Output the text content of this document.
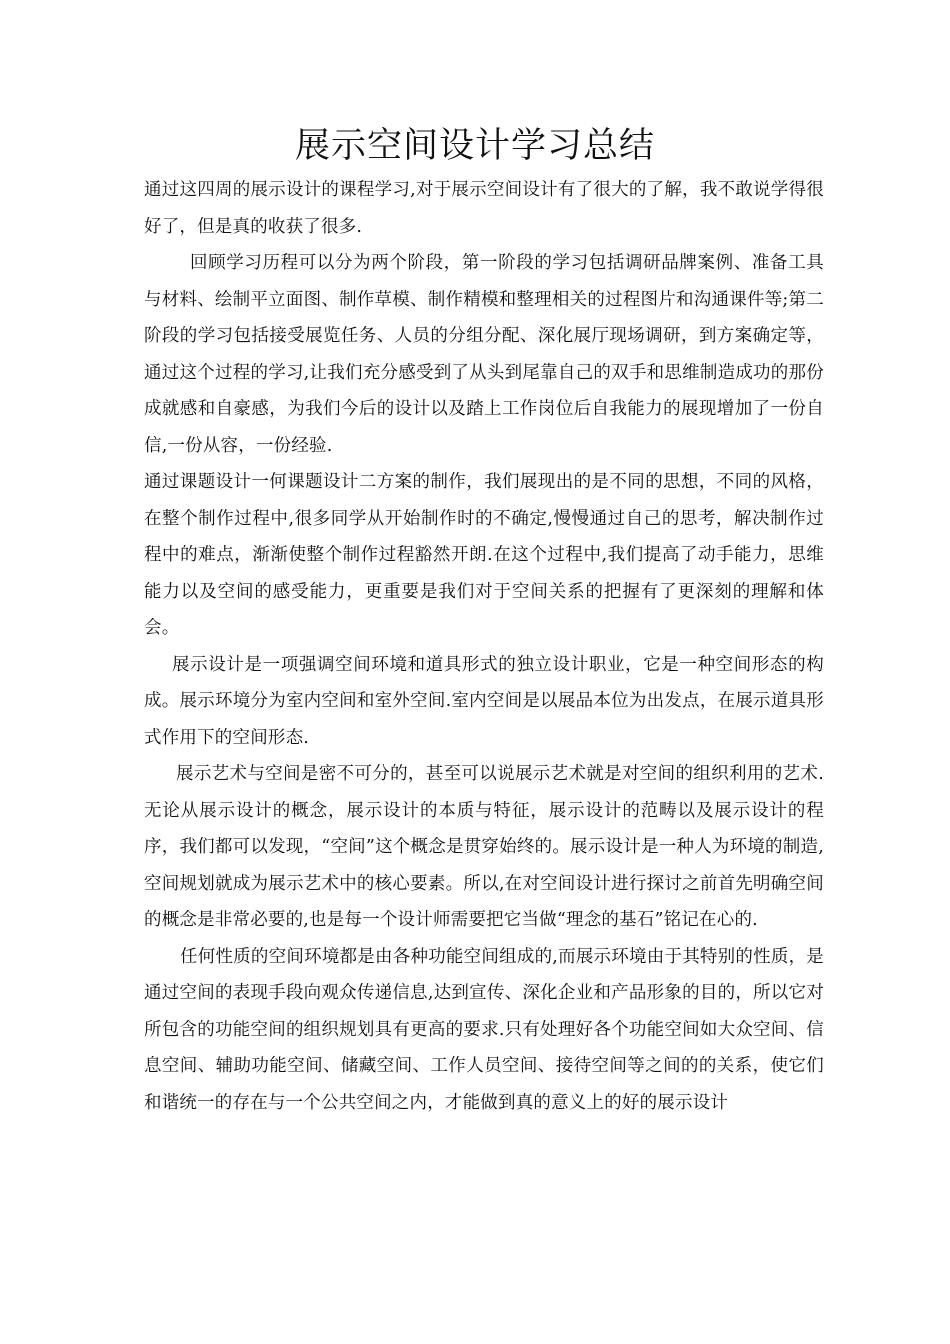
展示空间设计学习总结

通过这四周的展示设计的课程学习,对于展示空间设计有了很大的了解，我不敢说学得很好了，但是真的收获了很多.

回顾学习历程可以分为两个阶段，第一阶段的学习包括调研品牌案例、准备工具与材料、绘制平立面图、制作草模、制作精模和整理相关的过程图片和沟通课件等;第二阶段的学习包括接受展览任务、人员的分组分配、深化展厅现场调研，到方案确定等，通过这个过程的学习,让我们充分感受到了从头到尾靠自己的双手和思维制造成功的那份成就感和自豪感，为我们今后的设计以及踏上工作岗位后自我能力的展现增加了一份自信,一份从容，一份经验.

通过课题设计一何课题设计二方案的制作，我们展现出的是不同的思想，不同的风格，在整个制作过程中,很多同学从开始制作时的不确定,慢慢通过自己的思考，解决制作过程中的难点，渐渐使整个制作过程豁然开朗.在这个过程中,我们提高了动手能力，思维能力以及空间的感受能力，更重要是我们对于空间关系的把握有了更深刻的理解和体会。

展示设计是一项强调空间环境和道具形式的独立设计职业，它是一种空间形态的构成。展示环境分为室内空间和室外空间.室内空间是以展品本位为出发点，在展示道具形式作用下的空间形态.

展示艺术与空间是密不可分的，甚至可以说展示艺术就是对空间的组织利用的艺术.无论从展示设计的概念，展示设计的本质与特征，展示设计的范畴以及展示设计的程序，我们都可以发现，“空间”这个概念是贯穿始终的。展示设计是一种人为环境的制造,空间规划就成为展示艺术中的核心要素。所以,在对空间设计进行探讨之前首先明确空间的概念是非常必要的,也是每一个设计师需要把它当做“理念的基石”铭记在心的.

任何性质的空间环境都是由各种功能空间组成的,而展示环境由于其特别的性质，是通过空间的表现手段向观众传递信息,达到宣传、深化企业和产品形象的目的，所以它对所包含的功能空间的组织规划具有更高的要求.只有处理好各个功能空间如大众空间、信息空间、辅助功能空间、储藏空间、工作人员空间、接待空间等之间的的关系，使它们和谐统一的存在与一个公共空间之内，才能做到真的意义上的好的展示设计
